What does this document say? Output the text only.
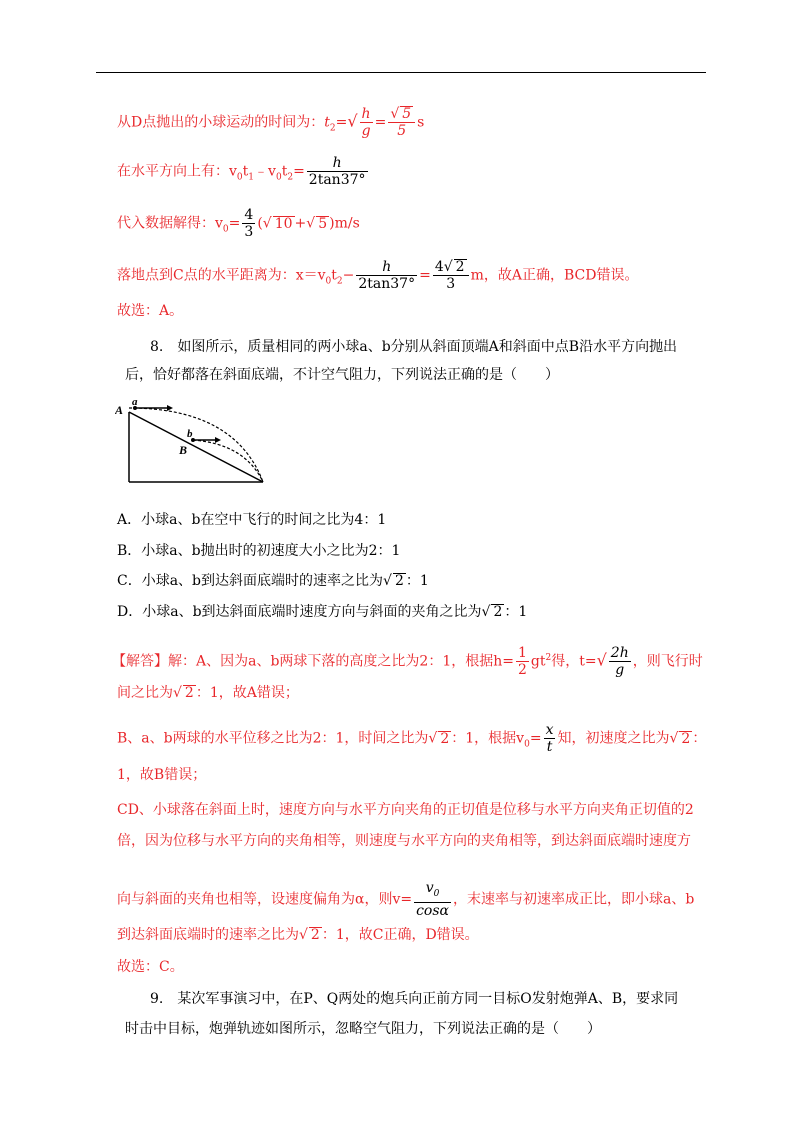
从D点抛出的小球运动的时间为：$t_2=√ \frac{h}{g} = \frac{√ 5}{5}$ s
在水平方向上有：$v_0t_1﹣v_0t_2= \frac{h}{2\tan 37^\circ}$
代入数据解得：$v_0= \frac{4}{3}$ (√ 10 +√ 5 )m/s
落地点到C点的水平距离为：$x=v_0t_2- \frac{h}{2\tan 37^\circ} = \frac{4√ 2}{3}$ m，故A正确，BCD错误。
故选：A。
8.　如图所示，质量相同的两小球a、b分别从斜面顶端A和斜面中点B沿水平方向抛出
后，恰好都落在斜面底端，不计空气阻力，下列说法正确的是（　　）
A
a
b
B
A．小球a、b在空中飞行的时间之比为4：1
B．小球a、b抛出时的初速度大小之比为2：1
C．小球a、b到达斜面底端时的速率之比为√ 2 ：1
D．小球a、b到达斜面底端时速度方向与斜面的夹角之比为√ 2 ：1
【解答】解：A、因为a、b两球下落的高度之比为2：1，根据$h= \frac{1}{2} gt^2$得，$t=√ \frac{2h}{g}$ ，则飞行时
间之比为√ 2 ：1，故A错误；
B、a、b两球的水平位移之比为2：1，时间之比为√ 2 ：1，根据$v_0= \frac{x}{t}$ 知，初速度之比为√ 2 ：
1，故B错误；
CD、小球落在斜面上时，速度方向与水平方向夹角的正切值是位移与水平方向夹角正切值的2
倍，因为位移与水平方向的夹角相等，则速度与水平方向的夹角相等，到达斜面底端时速度方
向与斜面的夹角也相等，设速度偏角为α，则$v= \frac{v_0}{\cos\alpha}$ ，末速率与初速率成正比，即小球a、b
到达斜面底端时的速率之比为√ 2 ：1，故C正确，D错误。
故选：C。
9.　某次军事演习中，在P、Q两处的炮兵向正前方同一目标O发射炮弹A、B，要求同
时击中目标，炮弹轨迹如图所示，忽略空气阻力，下列说法正确的是（　　）
